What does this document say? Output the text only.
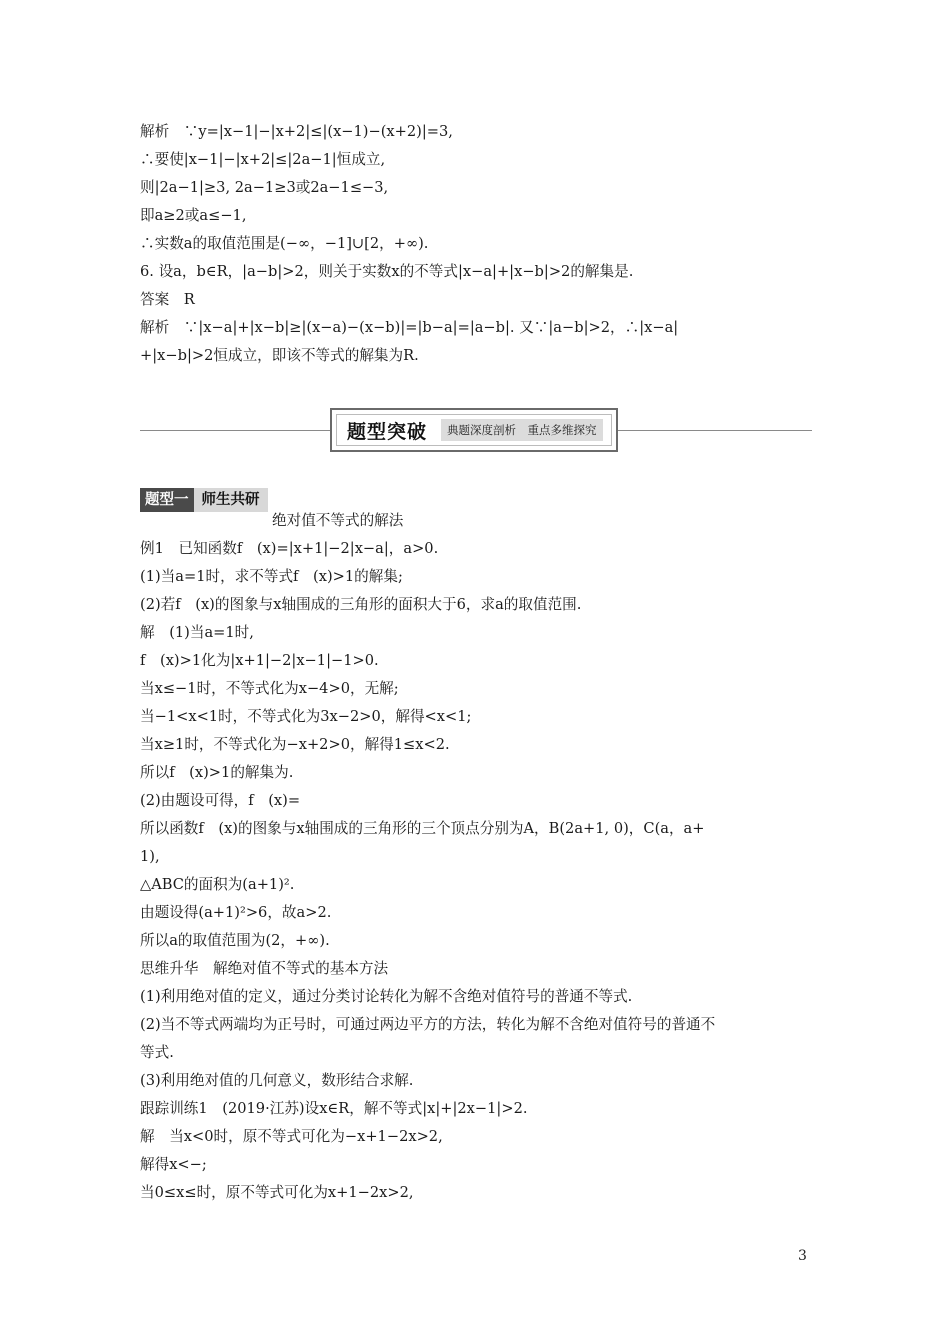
解析　∵y=|x−1|−|x+2|≤|(x−1)−(x+2)|=3,
∴要使|x−1|−|x+2|≤|2a−1|恒成立,
则|2a−1|≥3, 2a−1≥3或2a−1≤−3,
即a≥2或a≤−1,
∴实数a的取值范围是(−∞，−1]∪[2，+∞).
6. 设a，b∈R，|a−b|>2，则关于实数x的不等式|x−a|+|x−b|>2的解集是.
答案　R
解析　∵|x−a|+|x−b|≥|(x−a)−(x−b)|=|b−a|=|a−b|. 又∵|a−b|>2，∴|x−a|
+|x−b|>2恒成立，即该不等式的解集为R.
题型突破	典题深度剖析　重点多维探究
题型一 师生共研
绝对值不等式的解法
例1　已知函数f　(x)=|x+1|−2|x−a|，a>0.
(1)当a=1时，求不等式f　(x)>1的解集;
(2)若f　(x)的图象与x轴围成的三角形的面积大于6，求a的取值范围.
解　(1)当a=1时,
f　(x)>1化为|x+1|−2|x−1|−1>0.
当x≤−1时，不等式化为x−4>0，无解;
当−1<x<1时，不等式化为3x−2>0，解得<x<1;
当x≥1时，不等式化为−x+2>0，解得1≤x<2.
所以f　(x)>1的解集为.
(2)由题设可得，f　(x)=
所以函数f　(x)的图象与x轴围成的三角形的三个顶点分别为A，B(2a+1, 0)，C(a，a+
1),
△ABC的面积为(a+1)².
由题设得(a+1)²>6，故a>2.
所以a的取值范围为(2，+∞).
思维升华　解绝对值不等式的基本方法
(1)利用绝对值的定义，通过分类讨论转化为解不含绝对值符号的普通不等式.
(2)当不等式两端均为正号时，可通过两边平方的方法，转化为解不含绝对值符号的普通不
等式.
(3)利用绝对值的几何意义，数形结合求解.
跟踪训练1　(2019·江苏)设x∈R，解不等式|x|+|2x−1|>2.
解　当x<0时，原不等式可化为−x+1−2x>2,
解得x<−;
当0≤x≤时，原不等式可化为x+1−2x>2,
3
